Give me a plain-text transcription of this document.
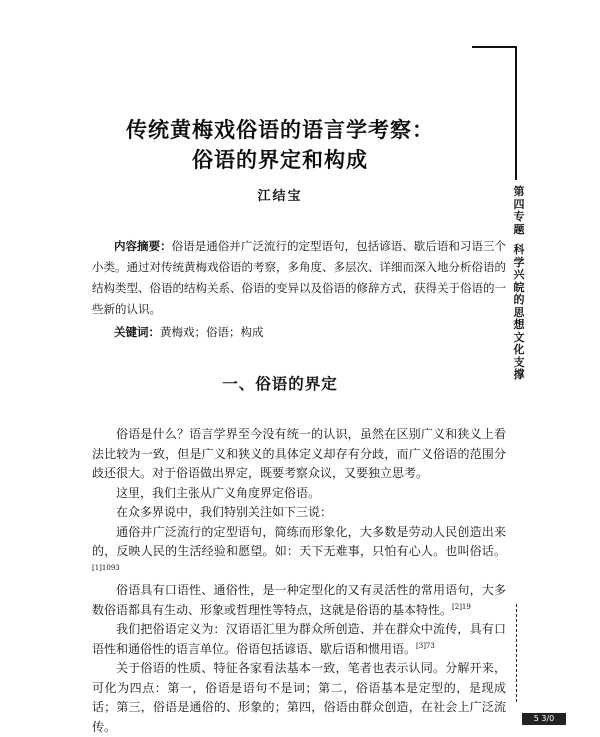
第四专题
科学兴皖的思想文化支撑
5 3/0
传统黄梅戏俗语的语言学考察：
俗语的界定和构成
江结宝

内容摘要：俗语是通俗并广泛流行的定型语句，包括谚语、歇后语和习语三个小类。通过对传统黄梅戏俗语的考察，多角度、多层次、详细而深入地分析俗语的结构类型、俗语的结构关系、俗语的变异以及俗语的修辞方式，获得关于俗语的一些新的认识。

关键词：黄梅戏；俗语；构成

一、俗语的界定

俗语是什么？语言学界至今没有统一的认识，虽然在区别广义和狭义上看法比较为一致，但是广义和狭义的具体定义却存有分歧，而广义俗语的范围分歧还很大。对于俗语做出界定，既要考察众议，又要独立思考。

这里，我们主张从广义角度界定俗语。

在众多界说中，我们特别关注如下三说：

通俗并广泛流行的定型语句，简练而形象化，大多数是劳动人民创造出来的，反映人民的生活经验和愿望。如：天下无难事，只怕有心人。也叫俗话。$^{[1]1093}$

俗语具有口语性、通俗性，是一种定型化的又有灵活性的常用语句，大多数俗语都具有生动、形象或哲理性等特点，这就是俗语的基本特性。$^{[2]19}$

我们把俗语定义为：汉语语汇里为群众所创造、并在群众中流传，具有口语性和通俗性的语言单位。俗语包括谚语、歇后语和惯用语。$^{[3]73}$

关于俗语的性质、特征各家看法基本一致，笔者也表示认同。分解开来，可化为四点：第一，俗语是语句不是词；第二，俗语基本是定型的，是现成话；第三，俗语是通俗的、形象的；第四，俗语由群众创造，在社会上广泛流传。
